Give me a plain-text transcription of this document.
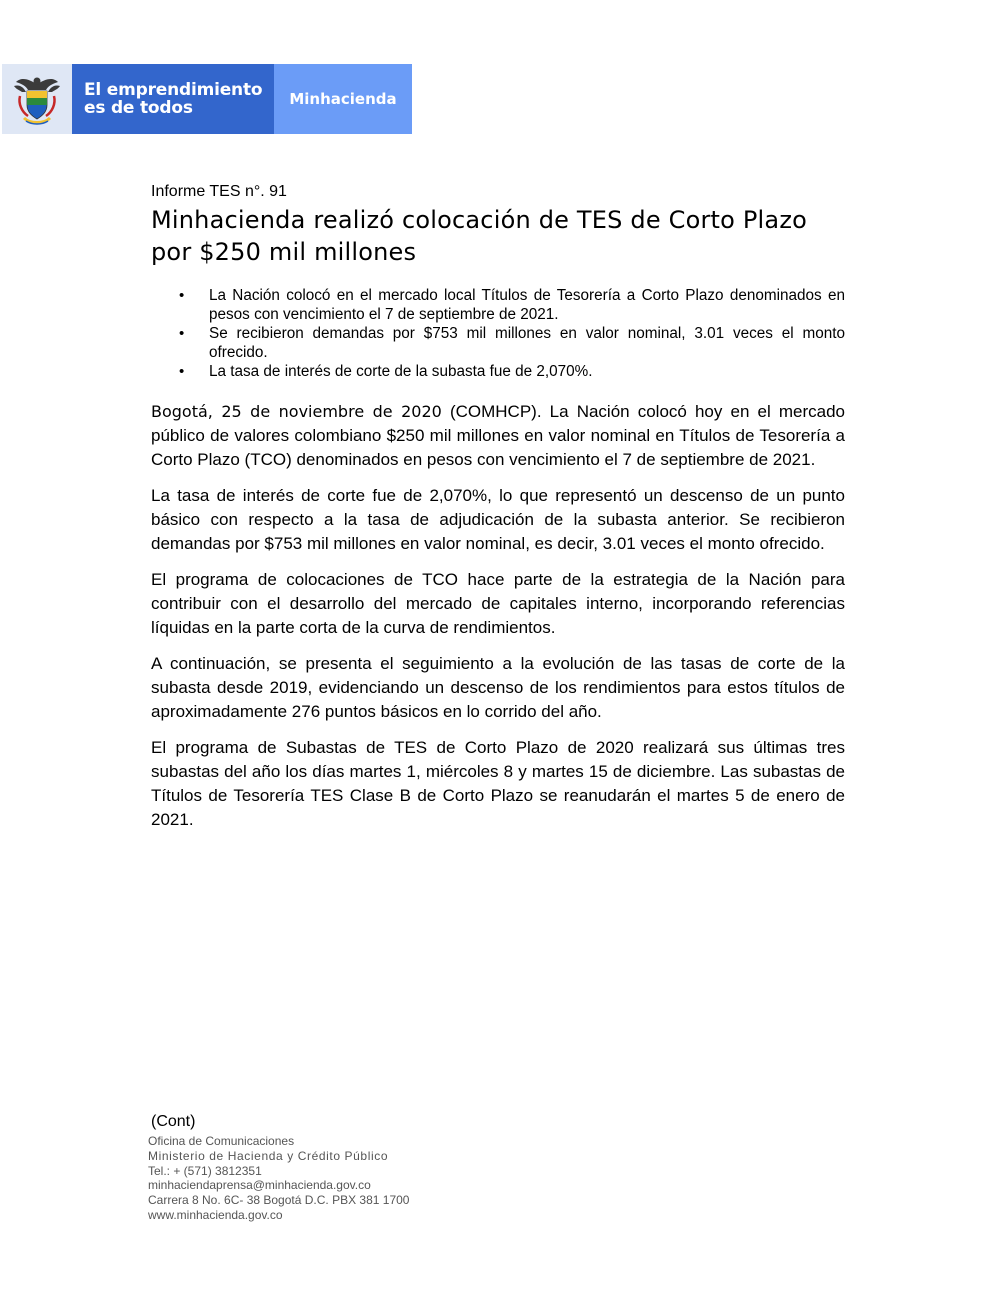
El emprendimiento
es de todos	Minhacienda
Informe TES n°. 91
Minhacienda realizó colocación de TES de Corto Plazo por $250 mil millones
• La Nación colocó en el mercado local Títulos de Tesorería a Corto Plazo denominados en pesos con vencimiento el 7 de septiembre de 2021.
• Se recibieron demandas por $753 mil millones en valor nominal, 3.01 veces el monto ofrecido.
• La tasa de interés de corte de la subasta fue de 2,070%.

Bogotá, 25 de noviembre de 2020 (COMHCP). La Nación colocó hoy en el mercado público de valores colombiano $250 mil millones en valor nominal en Títulos de Tesorería a Corto Plazo (TCO) denominados en pesos con vencimiento el 7 de septiembre de 2021.

La tasa de interés de corte fue de 2,070%, lo que representó un descenso de un punto básico con respecto a la tasa de adjudicación de la subasta anterior. Se recibieron demandas por $753 mil millones en valor nominal, es decir, 3.01 veces el monto ofrecido.

El programa de colocaciones de TCO hace parte de la estrategia de la Nación para contribuir con el desarrollo del mercado de capitales interno, incorporando referencias líquidas en la parte corta de la curva de rendimientos.

A continuación, se presenta el seguimiento a la evolución de las tasas de corte de la subasta desde 2019, evidenciando un descenso de los rendimientos para estos títulos de aproximadamente 276 puntos básicos en lo corrido del año.

El programa de Subastas de TES de Corto Plazo de 2020 realizará sus últimas tres subastas del año los días martes 1, miércoles 8 y martes 15 de diciembre. Las subastas de Títulos de Tesorería TES Clase B de Corto Plazo se reanudarán el martes 5 de enero de 2021.

(Cont)
Oficina de Comunicaciones
Ministerio de Hacienda y Crédito Público
Tel.: + (571) 3812351
minhaciendaprensa@minhacienda.gov.co
Carrera 8 No. 6C- 38 Bogotá D.C. PBX 381 1700
www.minhacienda.gov.co
